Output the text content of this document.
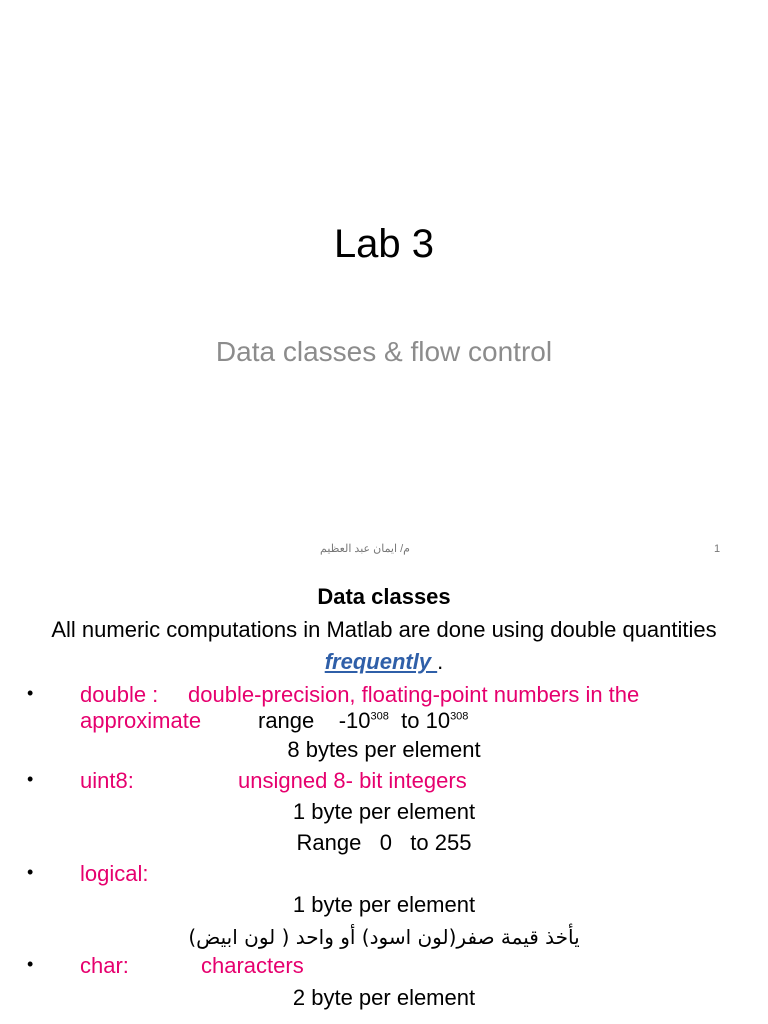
Lab 3
Data classes & flow control
م/ ايمان عبد العظيم	1
Data classes
All numeric computations in Matlab are done using double quantities frequently .
• double : double-precision, floating-point numbers in the
approximate	range $-10^{308}$ to $10^{308}$
8 bytes per element
• uint8:	unsigned 8- bit integers
1 byte per element
Range   0   to 255
• logical:
1 byte per element
يأخذ قيمة صفر(لون اسود) أو واحد ( لون ابيض)
• char:	characters
2 byte per element
